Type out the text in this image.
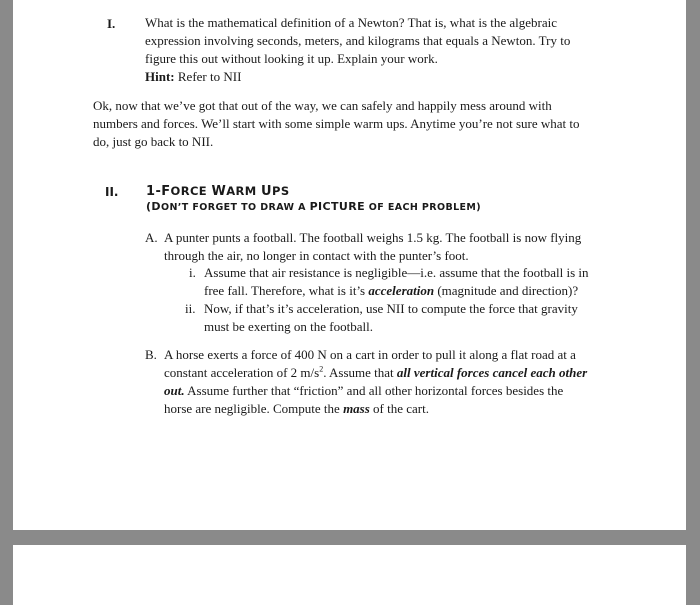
I. What is the mathematical definition of a Newton? That is, what is the algebraic expression involving seconds, meters, and kilograms that equals a Newton. Try to figure this out without looking it up. Explain your work.
Hint: Refer to NII
Ok, now that we’ve got that out of the way, we can safely and happily mess around with numbers and forces. We’ll start with some simple warm ups. Anytime you’re not sure what to do, just go back to NII.
II. 1-FORCE WARM UPS
(DON’T FORGET TO DRAW A PICTURE OF EACH PROBLEM)
A. A punter punts a football. The football weighs 1.5 kg. The football is now flying through the air, no longer in contact with the punter’s foot.
i. Assume that air resistance is negligible—i.e. assume that the football is in free fall. Therefore, what is it’s acceleration (magnitude and direction)?
ii. Now, if that’s it’s acceleration, use NII to compute the force that gravity must be exerting on the football.
B. A horse exerts a force of 400 N on a cart in order to pull it along a flat road at a constant acceleration of 2 $m/s^2$. Assume that all vertical forces cancel each other out. Assume further that “friction” and all other horizontal forces besides the horse are negligible. Compute the mass of the cart.
